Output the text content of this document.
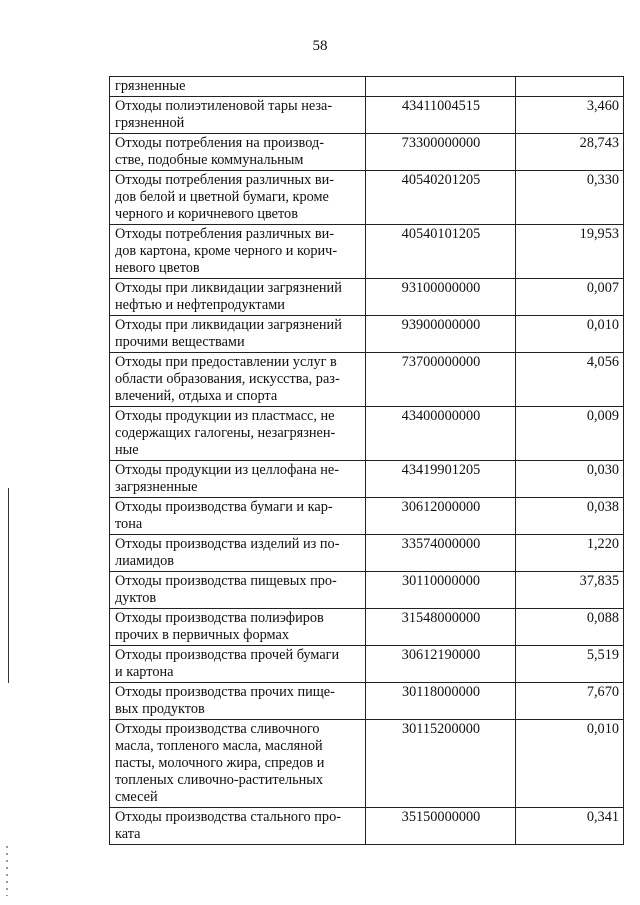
58
грязненные		
Отходы полиэтиленовой тары неза-
грязненной	43411004515	3,460
Отходы потребления на производ-
стве, подобные коммунальным	73300000000	28,743
Отходы потребления различных ви-
дов белой и цветной бумаги, кроме
черного и коричневого цветов	40540201205	0,330
Отходы потребления различных ви-
дов картона, кроме черного и корич-
невого цветов	40540101205	19,953
Отходы при ликвидации загрязнений
нефтью и нефтепродуктами	93100000000	0,007
Отходы при ликвидации загрязнений
прочими веществами	93900000000	0,010
Отходы при предоставлении услуг в
области образования, искусства, раз-
влечений, отдыха и спорта	73700000000	4,056
Отходы продукции из пластмасс, не
содержащих галогены, незагрязнен-
ные	43400000000	0,009
Отходы продукции из целлофана не-
загрязненные	43419901205	0,030
Отходы производства бумаги и кар-
тона	30612000000	0,038
Отходы производства изделий из по-
лиамидов	33574000000	1,220
Отходы производства пищевых про-
дуктов	30110000000	37,835
Отходы производства полиэфиров
прочих в первичных формах	31548000000	0,088
Отходы производства прочей бумаги
и картона	30612190000	5,519
Отходы производства прочих пище-
вых продуктов	30118000000	7,670
Отходы производства сливочного
масла, топленого масла, масляной
пасты, молочного жира, спредов и
топленых сливочно-растительных
смесей	30115200000	0,010
Отходы производства стального про-
ката	35150000000	0,341
